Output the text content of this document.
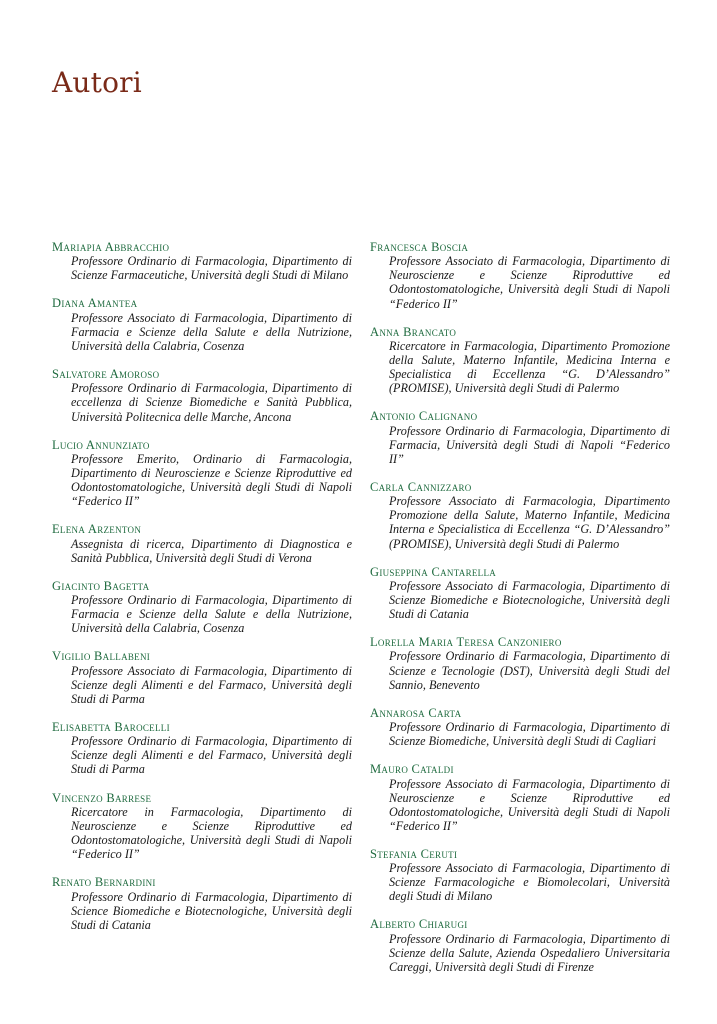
Autori
Mariapia Abbracchio
Professore Ordinario di Farmacologia, Dipartimento di Scienze Farmaceutiche, Università degli Studi di Milano
Diana Amantea
Professore Associato di Farmacologia, Dipartimento di Farmacia e Scienze della Salute e della Nutrizione, Università della Calabria, Cosenza
Salvatore Amoroso
Professore Ordinario di Farmacologia, Dipartimento di eccellenza di Scienze Biomediche e Sanità Pubblica, Università Politecnica delle Marche, Ancona
Lucio Annunziato
Professore Emerito, Ordinario di Farmacologia, Dipartimento di Neuroscienze e Scienze Riproduttive ed Odontostomatologiche, Università degli Studi di Napoli “Federico II”
Elena Arzenton
Assegnista di ricerca, Dipartimento di Diagnostica e Sanità Pubblica, Università degli Studi di Verona
Giacinto Bagetta
Professore Ordinario di Farmacologia, Dipartimento di Farmacia e Scienze della Salute e della Nutrizione, Università della Calabria, Cosenza
Vigilio Ballabeni
Professore Associato di Farmacologia, Dipartimento di Scienze degli Alimenti e del Farmaco, Università degli Studi di Parma
Elisabetta Barocelli
Professore Ordinario di Farmacologia, Dipartimento di Scienze degli Alimenti e del Farmaco, Università degli Studi di Parma
Vincenzo Barrese
Ricercatore in Farmacologia, Dipartimento di Neuroscienze e Scienze Riproduttive ed Odontostomatologiche, Università degli Studi di Napoli “Federico II”
Renato Bernardini
Professore Ordinario di Farmacologia, Dipartimento di Science Biomediche e Biotecnologiche, Università degli Studi di Catania
Francesca Boscia
Professore Associato di Farmacologia, Dipartimento di Neuroscienze e Scienze Riproduttive ed Odontostomatologiche, Università degli Studi di Napoli “Federico II”
Anna Brancato
Ricercatore in Farmacologia, Dipartimento Promozione della Salute, Materno Infantile, Medicina Interna e Specialistica di Eccellenza “G. D’Alessandro” (PROMISE), Università degli Studi di Palermo
Antonio Calignano
Professore Ordinario di Farmacologia, Dipartimento di Farmacia, Università degli Studi di Napoli “Federico II”
Carla Cannizzaro
Professore Associato di Farmacologia, Dipartimento Promozione della Salute, Materno Infantile, Medicina Interna e Specialistica di Eccellenza “G. D’Alessandro” (PROMISE), Università degli Studi di Palermo
Giuseppina Cantarella
Professore Associato di Farmacologia, Dipartimento di Scienze Biomediche e Biotecnologiche, Università degli Studi di Catania
Lorella Maria Teresa Canzoniero
Professore Ordinario di Farmacologia, Dipartimento di Scienze e Tecnologie (DST), Università degli Studi del Sannio, Benevento
Annarosa Carta
Professore Ordinario di Farmacologia, Dipartimento di Scienze Biomediche, Università degli Studi di Cagliari
Mauro Cataldi
Professore Associato di Farmacologia, Dipartimento di Neuroscienze e Scienze Riproduttive ed Odontostomatologiche, Università degli Studi di Napoli “Federico II”
Stefania Ceruti
Professore Associato di Farmacologia, Dipartimento di Scienze Farmacologiche e Biomolecolari, Università degli Studi di Milano
Alberto Chiarugi
Professore Ordinario di Farmacologia, Dipartimento di Scienze della Salute, Azienda Ospedaliero Universitaria Careggi, Università degli Studi di Firenze
